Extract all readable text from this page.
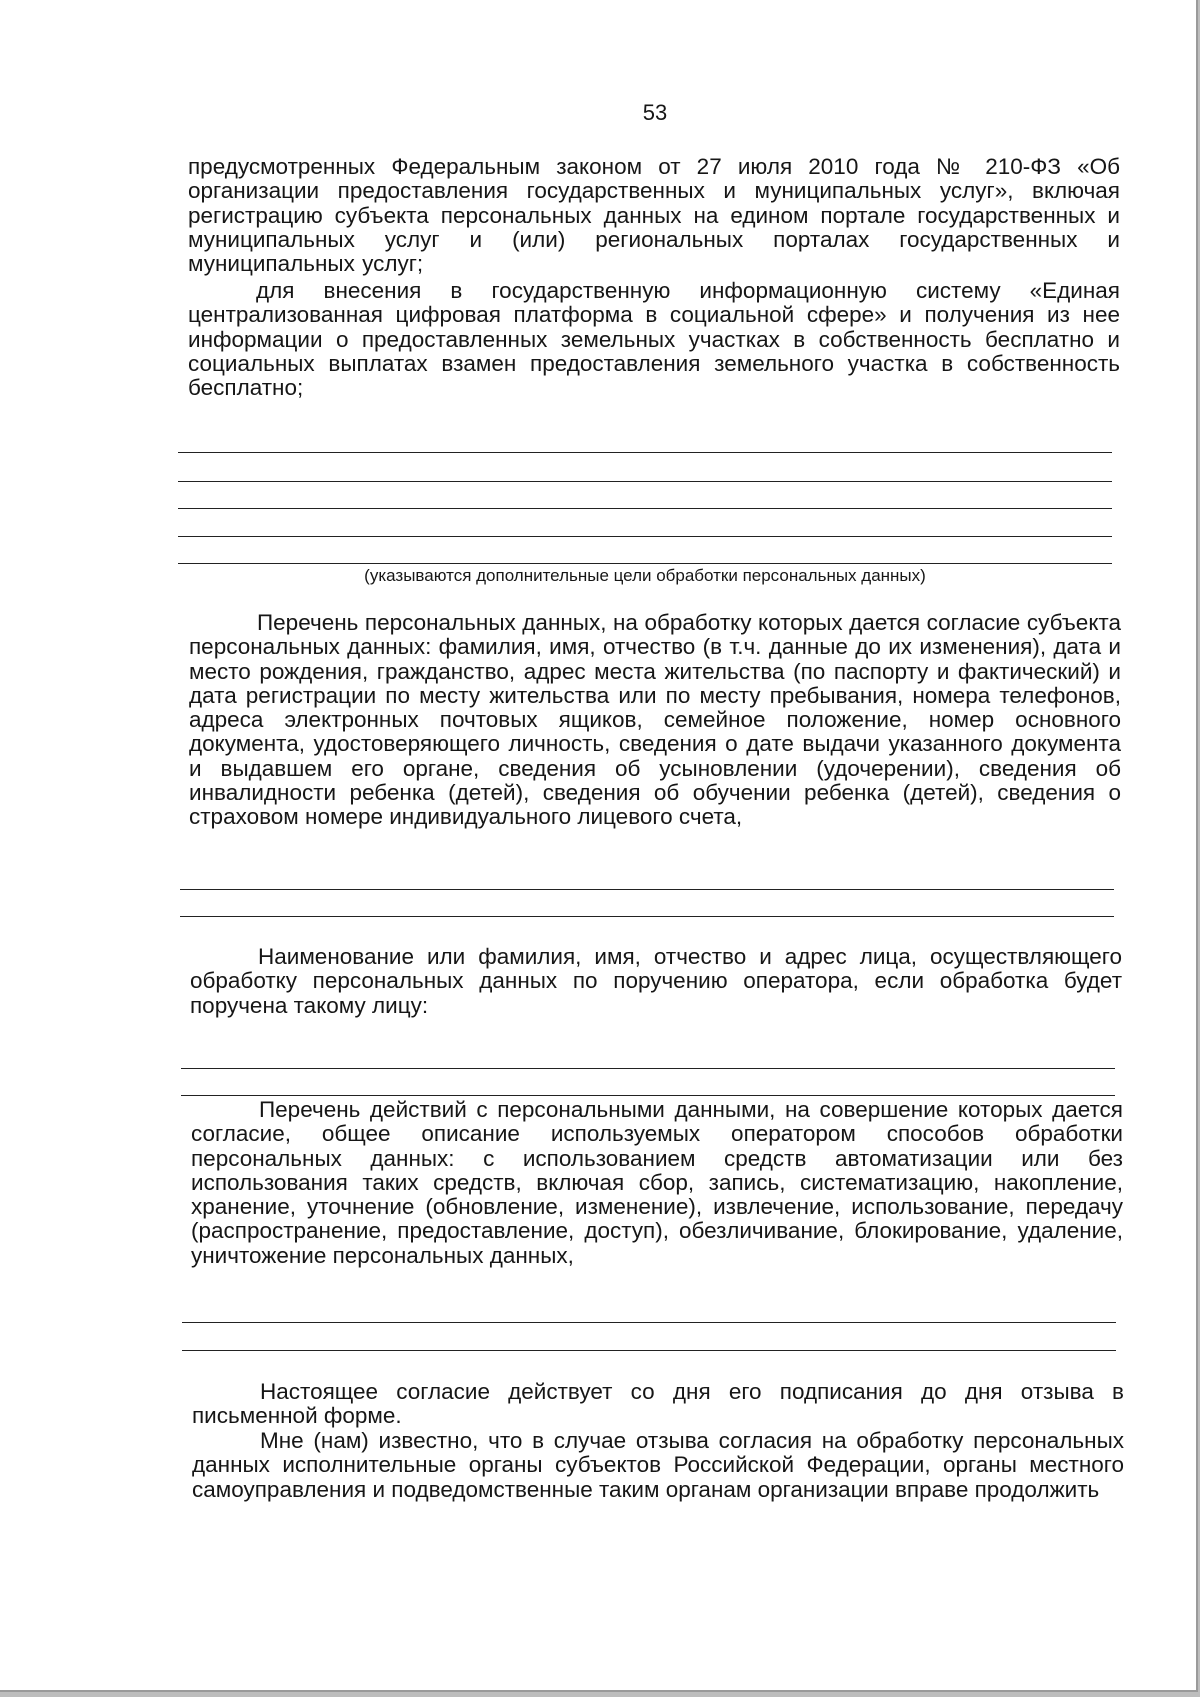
53

предусмотренных Федеральным законом от 27 июля 2010 года № 210-ФЗ «Об организации предоставления государственных и муниципальных услуг», включая регистрацию субъекта персональных данных на едином портале государственных и муниципальных услуг и (или) региональных порталах государственных и муниципальных услуг;

для внесения в государственную информационную систему «Единая централизованная цифровая платформа в социальной сфере» и получения из нее информации о предоставленных земельных участках в собственность бесплатно и социальных выплатах взамен предоставления земельного участка в собственность бесплатно;

(указываются дополнительные цели обработки персональных данных)

Перечень персональных данных, на обработку которых дается согласие субъекта персональных данных: фамилия, имя, отчество (в т.ч. данные до их изменения), дата и место рождения, гражданство, адрес места жительства (по паспорту и фактический) и дата регистрации по месту жительства или по месту пребывания, номера телефонов, адреса электронных почтовых ящиков, семейное положение, номер основного документа, удостоверяющего личность, сведения о дате выдачи указанного документа и выдавшем его органе, сведения об усыновлении (удочерении), сведения об инвалидности ребенка (детей), сведения об обучении ребенка (детей), сведения о страховом номере индивидуального лицевого счета,

Наименование или фамилия, имя, отчество и адрес лица, осуществляющего обработку персональных данных по поручению оператора, если обработка будет поручена такому лицу:

Перечень действий с персональными данными, на совершение которых дается согласие, общее описание используемых оператором способов обработки персональных данных: с использованием средств автоматизации или без использования таких средств, включая сбор, запись, систематизацию, накопление, хранение, уточнение (обновление, изменение), извлечение, использование, передачу (распространение, предоставление, доступ), обезличивание, блокирование, удаление, уничтожение персональных данных,

Настоящее согласие действует со дня его подписания до дня отзыва в письменной форме.

Мне (нам) известно, что в случае отзыва согласия на обработку персональных данных исполнительные органы субъектов Российской Федерации, органы местного самоуправления и подведомственные таким органам организации вправе продолжить
